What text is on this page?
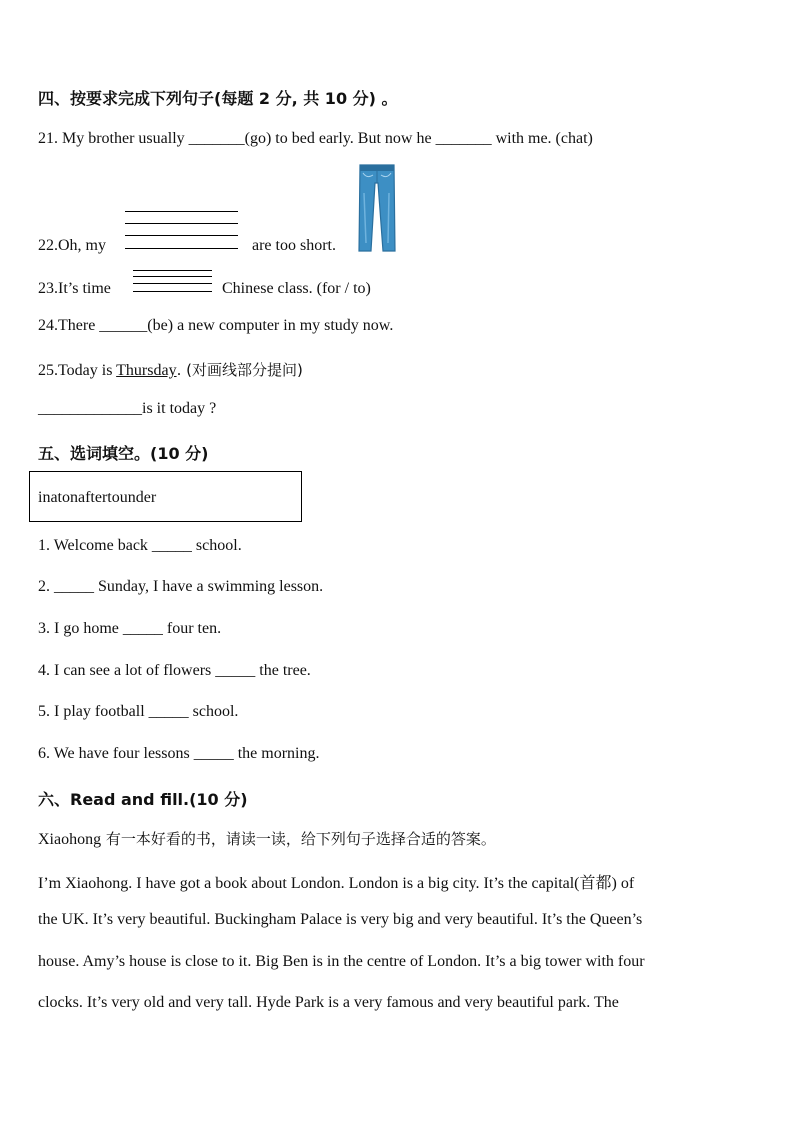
四、按要求完成下列句子(每题 2 分, 共 10 分) 。
21. My brother usually _______(go) to bed early. But now he _______ with me. (chat)
22.Oh, my	are too short.
23.It’s time	Chinese class. (for / to)
24.There ______(be) a new computer in my study now.
25.Today is Thursday. (对画线部分提问)
_____________is it today ?
五、选词填空。(10 分)
inatonaftertounder
1. Welcome back _____ school.
2. _____ Sunday, I have a swimming lesson.
3. I go home _____ four ten.
4. I can see a lot of flowers _____ the tree.
5. I play football _____ school.
6. We have four lessons _____ the morning.
六、Read and fill.(10 分)
Xiaohong 有一本好看的书，请读一读，给下列句子选择合适的答案。
I’m Xiaohong. I have got a book about London. London is a big city. It’s the capital(首都) of
the UK. It’s very beautiful. Buckingham Palace is very big and very beautiful. It’s the Queen’s
house. Amy’s house is close to it. Big Ben is in the centre of London. It’s a big tower with four
clocks. It’s very old and very tall. Hyde Park is a very famous and very beautiful park. The
